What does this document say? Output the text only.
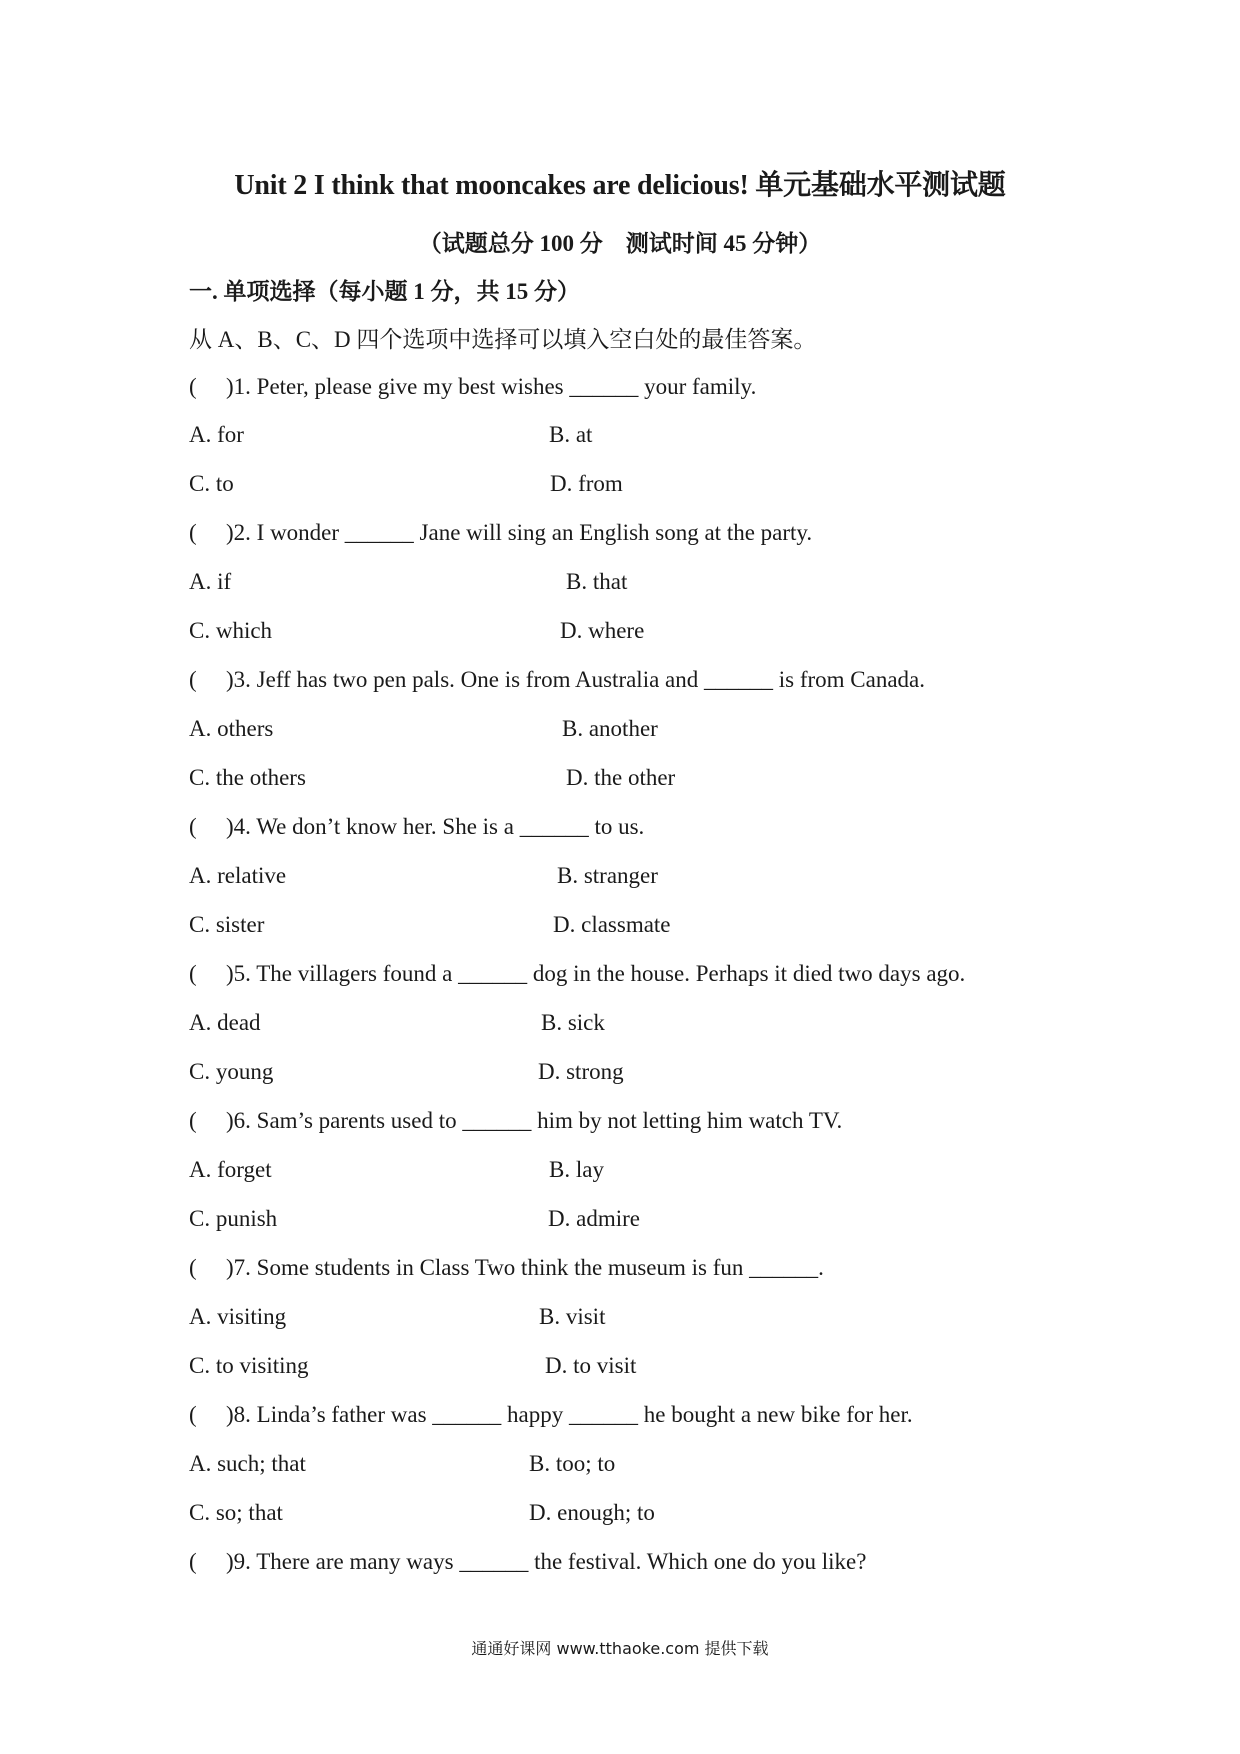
Unit 2 I think that mooncakes are delicious! 单元基础水平测试题
（试题总分 100 分　测试时间 45 分钟）
一. 单项选择（每小题 1 分，共 15 分）
从 A、B、C、D 四个选项中选择可以填入空白处的最佳答案。
( )1. Peter, please give my best wishes ______ your family.
A. for	B. at
C. to	D. from
( )2. I wonder ______ Jane will sing an English song at the party.
A. if	B. that
C. which	D. where
( )3. Jeff has two pen pals. One is from Australia and ______ is from Canada.
A. others	B. another
C. the others	D. the other
( )4. We don’t know her. She is a ______ to us.
A. relative	B. stranger
C. sister	D. classmate
( )5. The villagers found a ______ dog in the house. Perhaps it died two days ago.
A. dead	B. sick
C. young	D. strong
( )6. Sam’s parents used to ______ him by not letting him watch TV.
A. forget	B. lay
C. punish	D. admire
( )7. Some students in Class Two think the museum is fun ______.
A. visiting	B. visit
C. to visiting	D. to visit
( )8. Linda’s father was ______ happy ______ he bought a new bike for her.
A. such; that	B. too; to
C. so; that	D. enough; to
( )9. There are many ways ______ the festival. Which one do you like?
通通好课网 www.tthaoke.com 提供下载
